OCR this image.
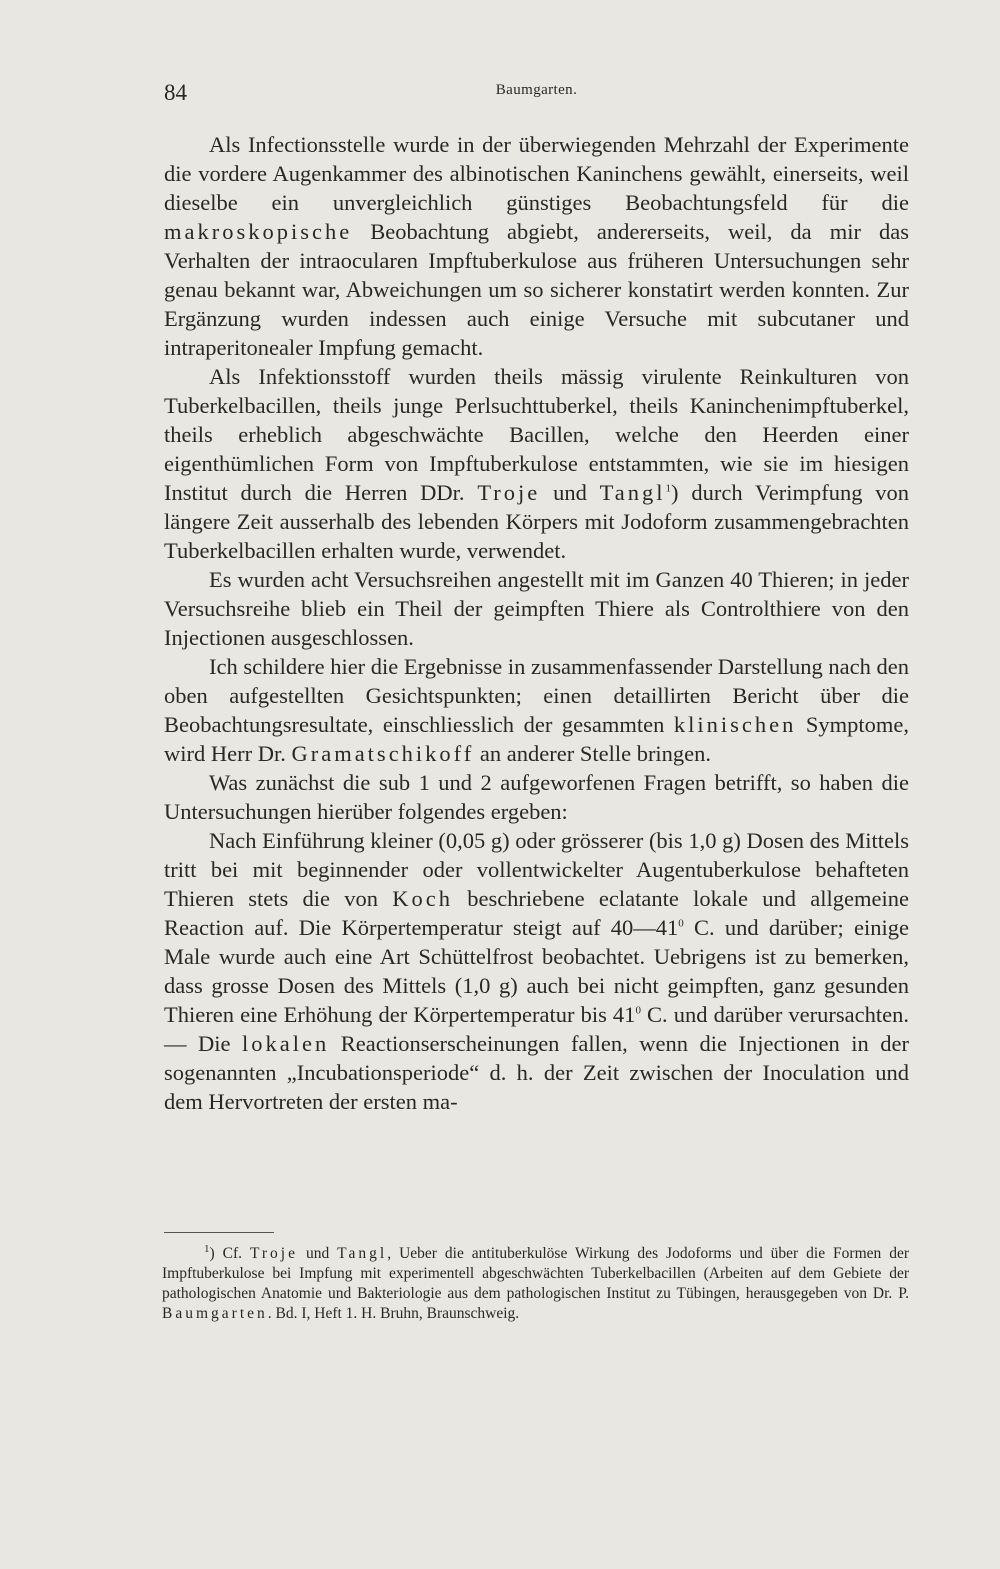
84	Baumgarten.

Als Infectionsstelle wurde in der überwiegenden Mehrzahl der Experimente die vordere Augenkammer des albinotischen Kaninchens gewählt, einerseits, weil dieselbe ein unvergleichlich günstiges Beobachtungsfeld für die makroskopische Beobachtung abgiebt, andererseits, weil, da mir das Verhalten der intraocularen Impftuberkulose aus früheren Untersuchungen sehr genau bekannt war, Abweichungen um so sicherer konstatirt werden konnten. Zur Ergänzung wurden indessen auch einige Versuche mit subcutaner und intraperitonealer Impfung gemacht.

Als Infektionsstoff wurden theils mässig virulente Reinkulturen von Tuberkelbacillen, theils junge Perlsuchttuberkel, theils Kaninchenimpftuberkel, theils erheblich abgeschwächte Bacillen, welche den Heerden einer eigenthümlichen Form von Impftuberkulose entstammten, wie sie im hiesigen Institut durch die Herren DDr. Troje und Tangl$^1$) durch Verimpfung von längere Zeit ausserhalb des lebenden Körpers mit Jodoform zusammengebrachten Tuberkelbacillen erhalten wurde, verwendet.

Es wurden acht Versuchsreihen angestellt mit im Ganzen 40 Thieren; in jeder Versuchsreihe blieb ein Theil der geimpften Thiere als Controlthiere von den Injectionen ausgeschlossen.

Ich schildere hier die Ergebnisse in zusammenfassender Darstellung nach den oben aufgestellten Gesichtspunkten; einen detaillirten Bericht über die Beobachtungsresultate, einschliesslich der gesammten klinischen Symptome, wird Herr Dr. Gramatschikoff an anderer Stelle bringen.

Was zunächst die sub 1 und 2 aufgeworfenen Fragen betrifft, so haben die Untersuchungen hierüber folgendes ergeben:

Nach Einführung kleiner (0,05 g) oder grösserer (bis 1,0 g) Dosen des Mittels tritt bei mit beginnender oder vollentwickelter Augentuberkulose behafteten Thieren stets die von Koch beschriebene eclatante lokale und allgemeine Reaction auf. Die Körpertemperatur steigt auf $40—41^0$ C. und darüber; einige Male wurde auch eine Art Schüttelfrost beobachtet. Uebrigens ist zu bemerken, dass grosse Dosen des Mittels (1,0 g) auch bei nicht geimpften, ganz gesunden Thieren eine Erhöhung der Körpertemperatur bis $41^0$ C. und darüber verursachten. — Die lokalen Reactionserscheinungen fallen, wenn die Injectionen in der sogenannten „Incubationsperiode“ d. h. der Zeit zwischen der Inoculation und dem Hervortreten der ersten ma-

$^1$) Cf. Troje und Tangl, Ueber die antituberkulöse Wirkung des Jodoforms und über die Formen der Impftuberkulose bei Impfung mit experimentell abgeschwächten Tuberkelbacillen (Arbeiten auf dem Gebiete der pathologischen Anatomie und Bakteriologie aus dem pathologischen Institut zu Tübingen, herausgegeben von Dr. P. Baumgarten. Bd. I, Heft 1. H. Bruhn, Braunschweig.
